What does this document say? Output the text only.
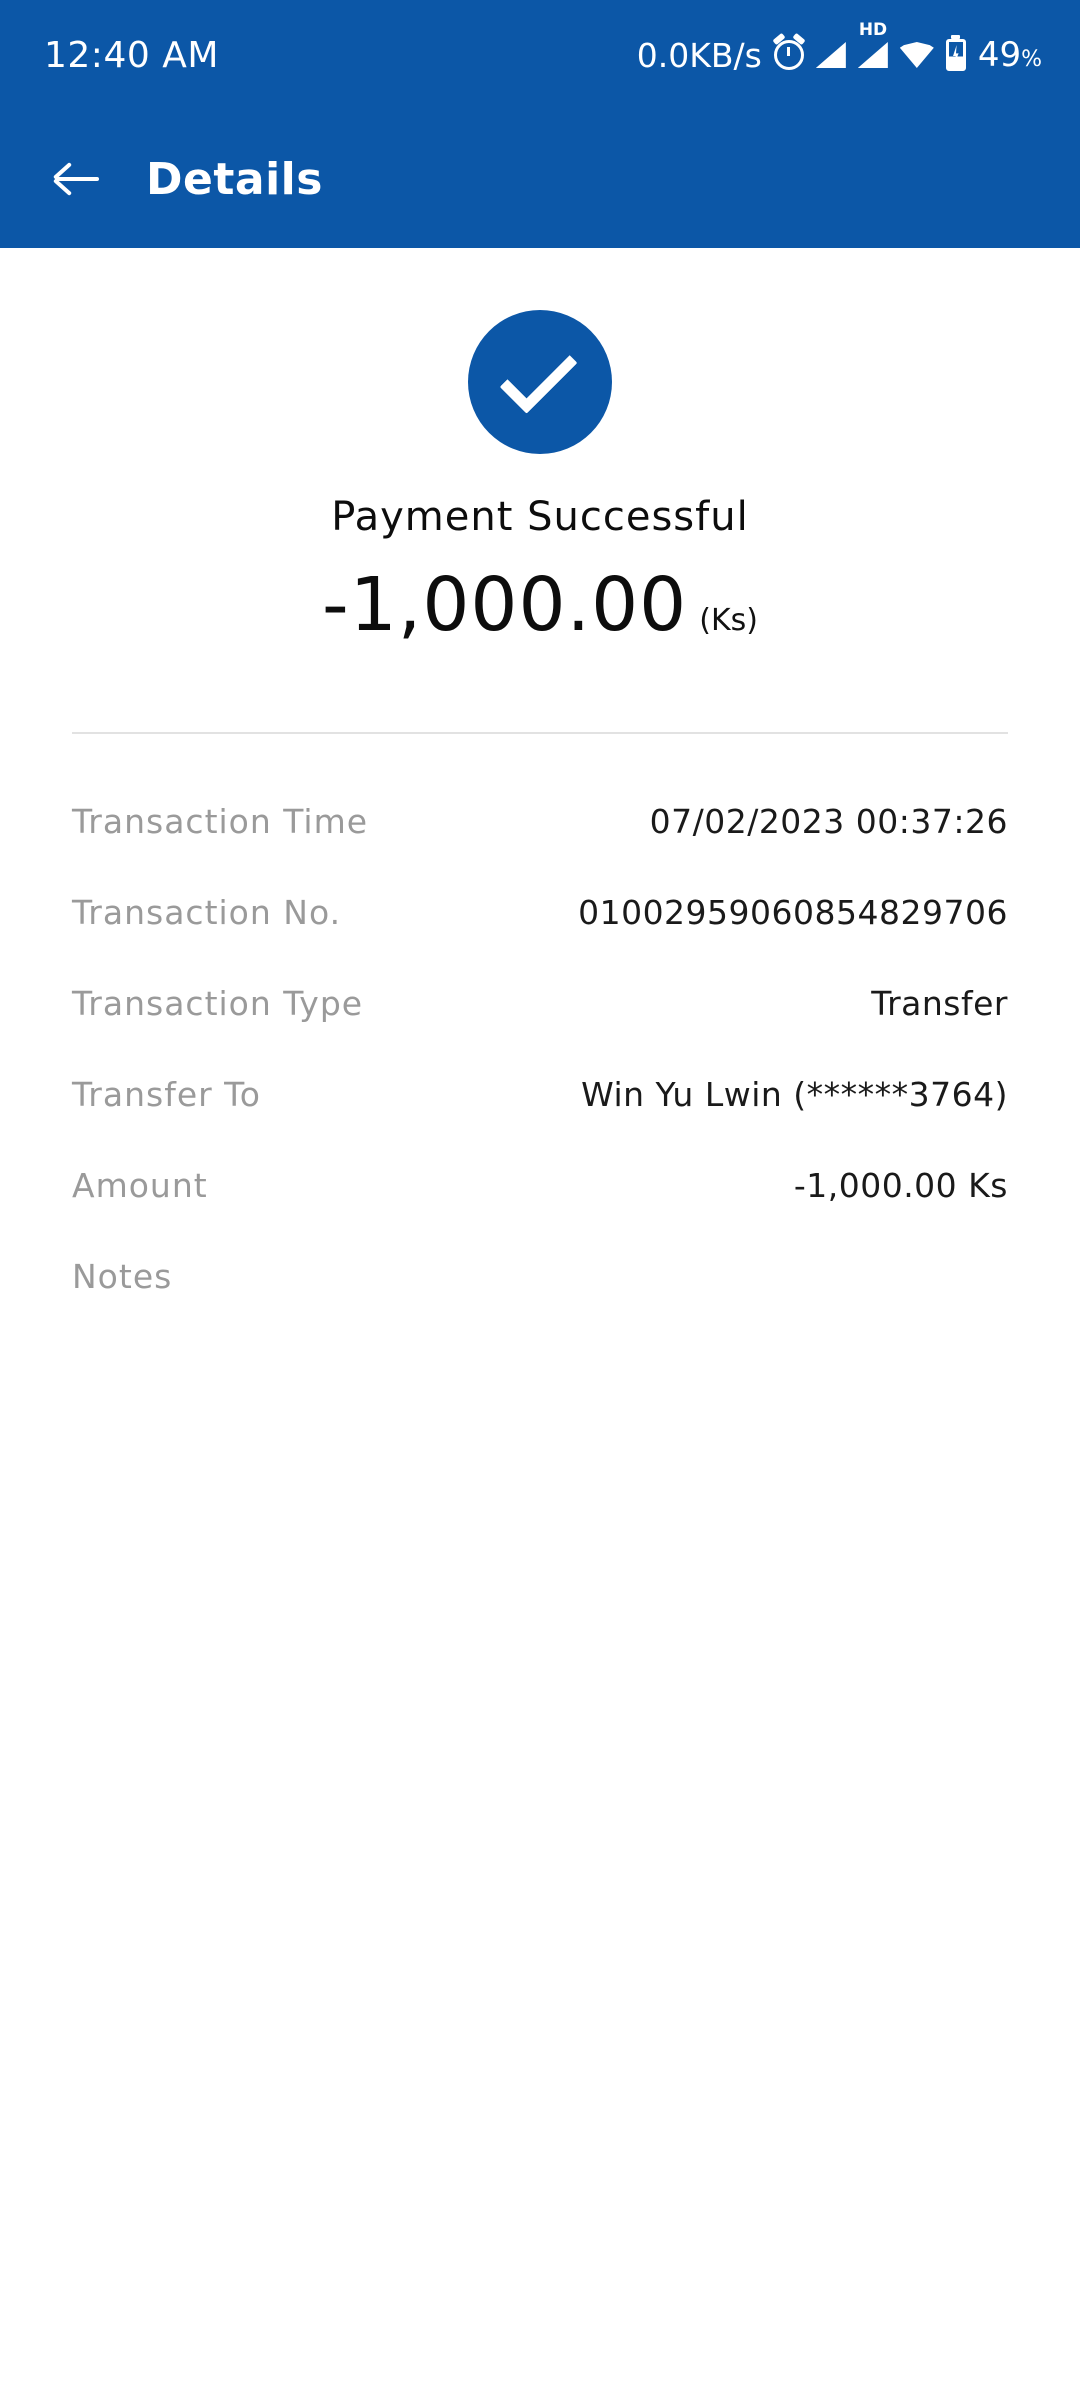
12:40 AM	0.0KB/s
HD
49%
Details
Payment Successful
-1,000.00 (Ks)
Transaction Time	07/02/2023 00:37:26
Transaction No.	01002959060854829706
Transaction Type	Transfer
Transfer To	Win Yu Lwin (******3764)
Amount	-1,000.00 Ks
Notes
